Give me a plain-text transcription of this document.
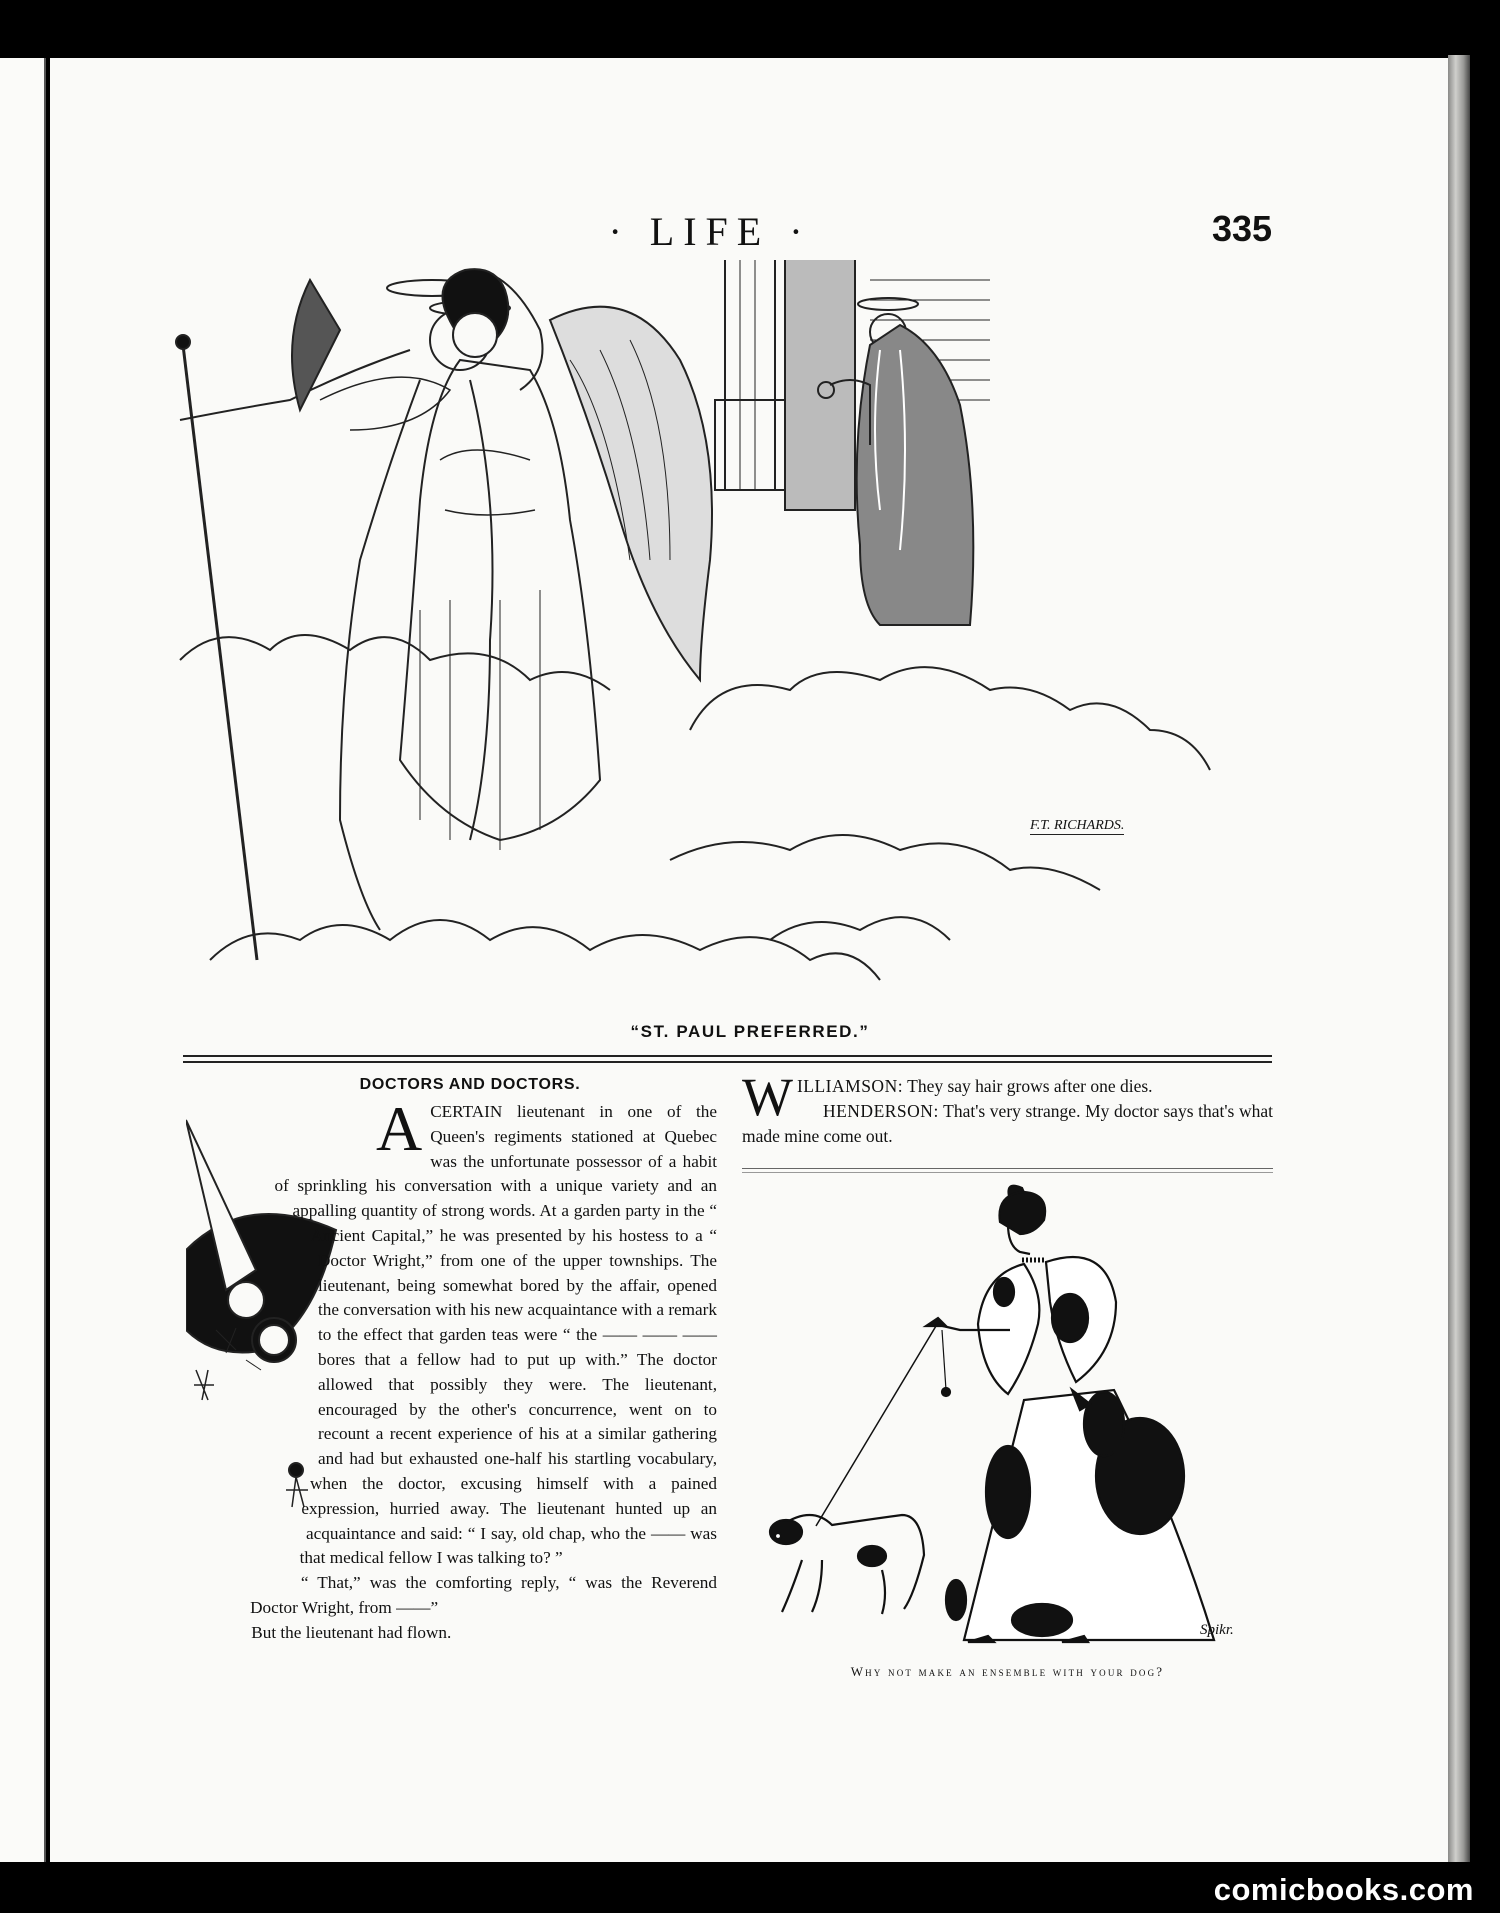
comicbooks.com
· LIFE ·	335
F.T. RICHARDS.
“ST. PAUL PREFERRED.”
DOCTORS AND DOCTORS.
A CERTAIN lieutenant in one of the Queen's regiments stationed at Quebec was the unfortunate possessor of a habit of sprinkling his conversation with a unique variety and an appalling quantity of strong words. At a garden party in the “ Ancient Capital,” he was presented by his hostess to a “ Doctor Wright,” from one of the upper townships. The lieutenant, being somewhat bored by the affair, opened the conversation with his new acquaintance with a remark to the effect that garden teas were “ the —— —— —— bores that a fellow had to put up with.” The doctor allowed that possibly they were. The lieutenant, encouraged by the other's concurrence, went on to recount a recent experience of his at a similar gathering and had but exhausted one-half his startling vocabulary, when the doctor, excusing himself with a pained expression, hurried away. The lieutenant hunted up an acquaintance and said: “ I say, old chap, who the —— was that medical fellow I was talking to? ”

“ That,” was the comforting reply, “ was the Reverend Doctor Wright, from ——”

But the lieutenant had flown.

W ILLIAMSON: They say hair grows after one dies.
HENDERSON: That's very strange. My doctor says that's what made mine come out.
Spikr.
Why not make an ensemble with your dog?
